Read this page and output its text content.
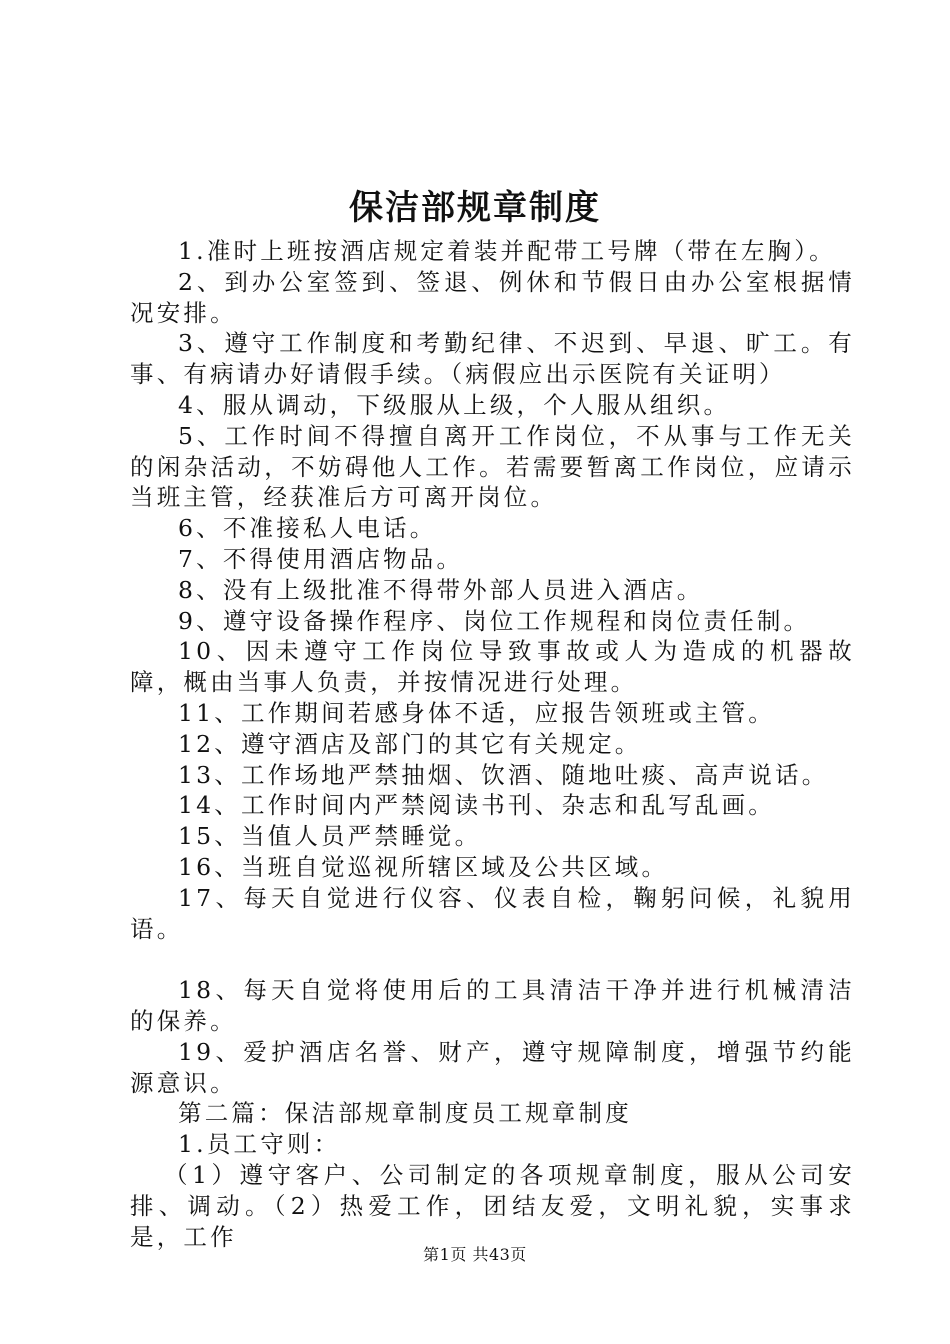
保洁部规章制度

1.准时上班按酒店规定着装并配带工号牌（带在左胸）。

2、到办公室签到、签退、例休和节假日由办公室根据情况安排。

3、遵守工作制度和考勤纪律、不迟到、早退、旷工。有事、有病请办好请假手续。（病假应出示医院有关证明）

4、服从调动，下级服从上级，个人服从组织。

5、工作时间不得擅自离开工作岗位，不从事与工作无关的闲杂活动，不妨碍他人工作。若需要暂离工作岗位，应请示当班主管，经获准后方可离开岗位。

6、不准接私人电话。

7、不得使用酒店物品。

8、没有上级批准不得带外部人员进入酒店。

9、遵守设备操作程序、岗位工作规程和岗位责任制。

10、因未遵守工作岗位导致事故或人为造成的机器故障，概由当事人负责，并按情况进行处理。

11、工作期间若感身体不适，应报告领班或主管。

12、遵守酒店及部门的其它有关规定。

13、工作场地严禁抽烟、饮酒、随地吐痰、高声说话。

14、工作时间内严禁阅读书刊、杂志和乱写乱画。

15、当值人员严禁睡觉。

16、当班自觉巡视所辖区域及公共区域。

17、每天自觉进行仪容、仪表自检，鞠躬问候，礼貌用语。

18、每天自觉将使用后的工具清洁干净并进行机械清洁的保养。

19、爱护酒店名誉、财产，遵守规障制度，增强节约能源意识。

第二篇：保洁部规章制度员工规章制度

1.员工守则：

（1）遵守客户、公司制定的各项规章制度，服从公司安排、调动。（2）热爱工作，团结友爱，文明礼貌，实事求是，工作

第1页 共43页
